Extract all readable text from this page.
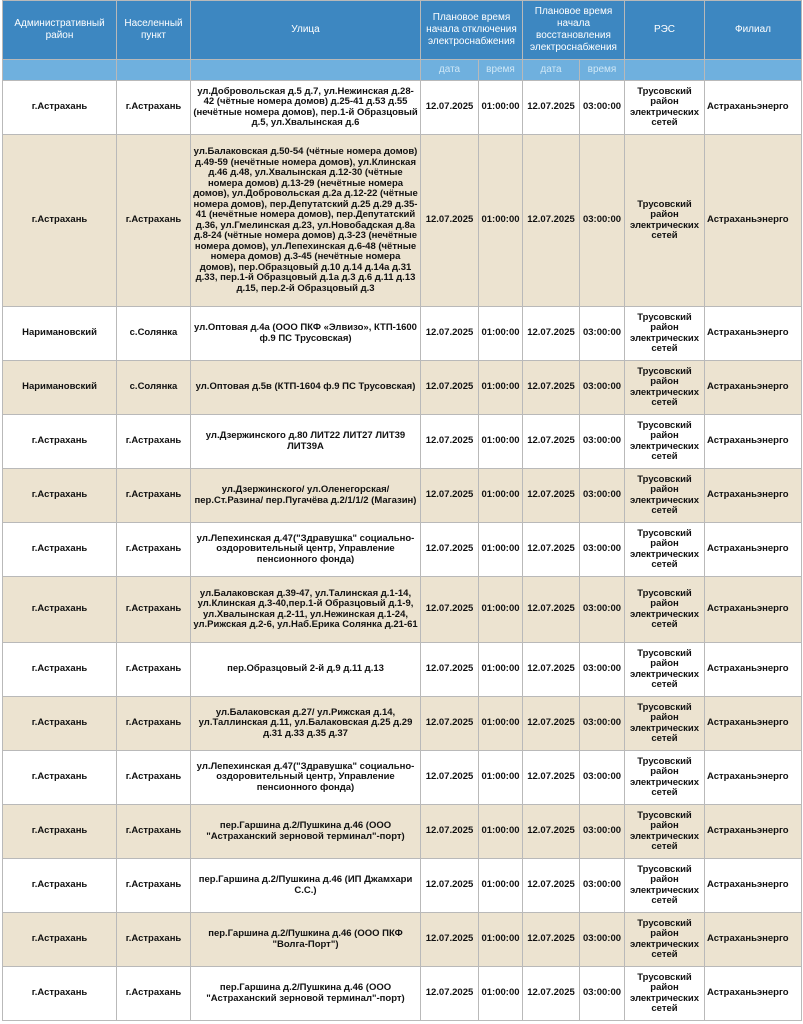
Административный район	Населенный пункт	Улица	Плановое время начала отключения электроснабжения		Плановое время начала восстановления электроснабжения		РЭС	Филиал
			дата	время	дата	время		
г.Астрахань	г.Астрахань	ул.Добровольская д.5 д.7, ул.Нежинская д.28-42 (чётные номера домов) д.25-41 д.53 д.55 (нечётные номера домов), пер.1-й Образцовый д.5, ул.Хвалынская д.6	12.07.2025	01:00:00	12.07.2025	03:00:00	Трусовский район электрических сетей	Астраханьэнерго
г.Астрахань	г.Астрахань	ул.Балаковская д.50-54 (чётные номера домов) д.49-59 (нечётные номера домов), ул.Клинская д.46 д.48, ул.Хвалынская д.12-30 (чётные номера домов) д.13-29 (нечётные номера домов), ул.Добровольская д.2а д.12-22 (чётные номера домов), пер.Депутатский д.25 д.29 д.35-41 (нечётные номера домов), пер.Депутатский д.36, ул.Гмелинская д.23, ул.Новобадская д.8а д.8-24 (чётные номера домов) д.3-23 (нечётные номера домов), ул.Лепехинская д.6-48 (чётные номера домов) д.3-45 (нечётные номера домов), пер.Образцовый д.10 д.14 д.14а д.31 д.33, пер.1-й Образцовый д.1а д.3 д.6 д.11 д.13 д.15, пер.2-й Образцовый д.3	12.07.2025	01:00:00	12.07.2025	03:00:00	Трусовский район электрических сетей	Астраханьэнерго
Наримановский	с.Солянка	ул.Оптовая д.4а (ООО ПКФ «Элвизо», КТП-1600 ф.9 ПС Трусовская)	12.07.2025	01:00:00	12.07.2025	03:00:00	Трусовский район электрических сетей	Астраханьэнерго
Наримановский	с.Солянка	ул.Оптовая д.5в (КТП-1604 ф.9 ПС Трусовская)	12.07.2025	01:00:00	12.07.2025	03:00:00	Трусовский район электрических сетей	Астраханьэнерго
г.Астрахань	г.Астрахань	ул.Дзержинского д.80 ЛИТ22 ЛИТ27 ЛИТ39 ЛИТ39А	12.07.2025	01:00:00	12.07.2025	03:00:00	Трусовский район электрических сетей	Астраханьэнерго
г.Астрахань	г.Астрахань	ул.Дзержинского/ ул.Оленегорская/ пер.Ст.Разина/ пер.Пугачёва д.2/1/1/2 (Магазин)	12.07.2025	01:00:00	12.07.2025	03:00:00	Трусовский район электрических сетей	Астраханьэнерго
г.Астрахань	г.Астрахань	ул.Лепехинская д.47("Здравушка" социально-оздоровительный центр, Управление пенсионного фонда)	12.07.2025	01:00:00	12.07.2025	03:00:00	Трусовский район электрических сетей	Астраханьэнерго
г.Астрахань	г.Астрахань	ул.Балаковская д.39-47, ул.Талинская д.1-14, ул.Клинская д.3-40,пер.1-й Образцовый д.1-9, ул.Хвалынская д.2-11, ул.Нежинская д.1-24, ул.Рижская д.2-6, ул.Наб.Ерика Солянка д.21-61	12.07.2025	01:00:00	12.07.2025	03:00:00	Трусовский район электрических сетей	Астраханьэнерго
г.Астрахань	г.Астрахань	пер.Образцовый 2-й д.9 д.11 д.13	12.07.2025	01:00:00	12.07.2025	03:00:00	Трусовский район электрических сетей	Астраханьэнерго
г.Астрахань	г.Астрахань	ул.Балаковская д.27/ ул.Рижская д.14, ул.Таллинская д.11, ул.Балаковская д.25 д.29 д.31 д.33 д.35 д.37	12.07.2025	01:00:00	12.07.2025	03:00:00	Трусовский район электрических сетей	Астраханьэнерго
г.Астрахань	г.Астрахань	ул.Лепехинская д.47("Здравушка" социально-оздоровительный центр, Управление пенсионного фонда)	12.07.2025	01:00:00	12.07.2025	03:00:00	Трусовский район электрических сетей	Астраханьэнерго
г.Астрахань	г.Астрахань	пер.Гаршина д.2/Пушкина д.46 (ООО "Астраханский зерновой терминал"-порт)	12.07.2025	01:00:00	12.07.2025	03:00:00	Трусовский район электрических сетей	Астраханьэнерго
г.Астрахань	г.Астрахань	пер.Гаршина д.2/Пушкина д.46 (ИП Джамхари С.С.)	12.07.2025	01:00:00	12.07.2025	03:00:00	Трусовский район электрических сетей	Астраханьэнерго
г.Астрахань	г.Астрахань	пер.Гаршина д.2/Пушкина д.46 (ООО ПКФ "Волга-Порт")	12.07.2025	01:00:00	12.07.2025	03:00:00	Трусовский район электрических сетей	Астраханьэнерго
г.Астрахань	г.Астрахань	пер.Гаршина д.2/Пушкина д.46 (ООО "Астраханский зерновой терминал"-порт)	12.07.2025	01:00:00	12.07.2025	03:00:00	Трусовский район электрических сетей	Астраханьэнерго
